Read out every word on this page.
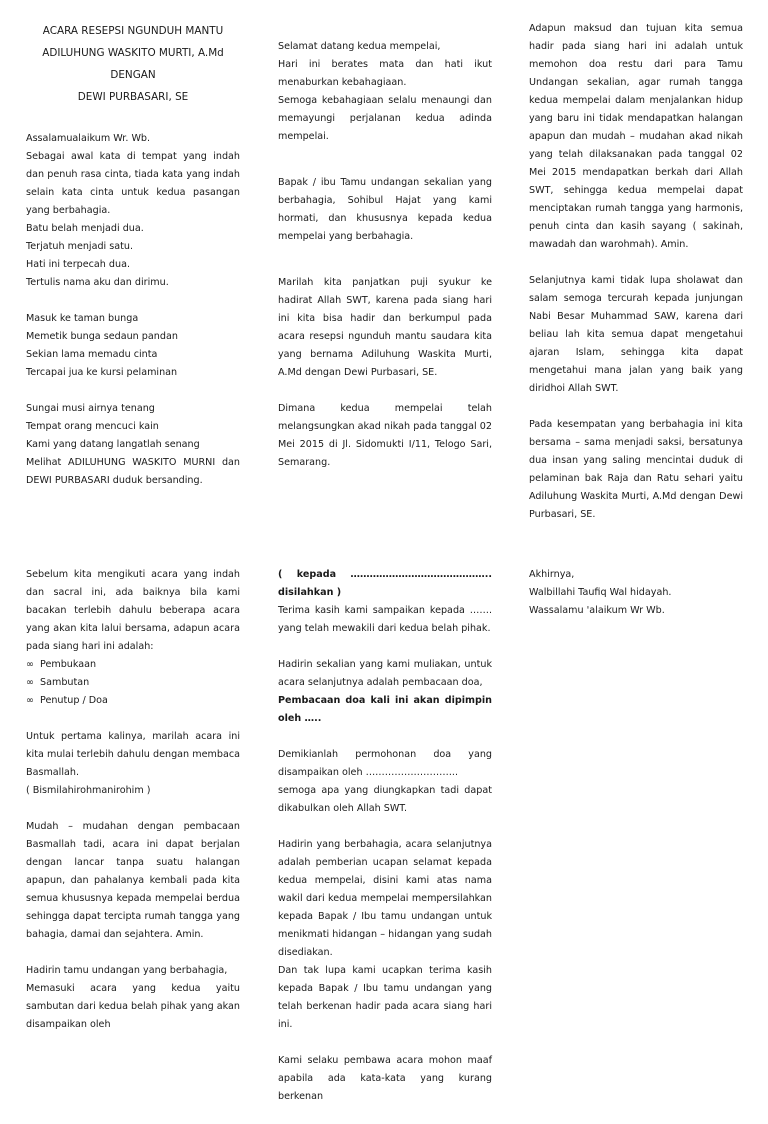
ACARA RESEPSI NGUNDUH MANTU
ADILUHUNG WASKITO MURTI, A.Md
DENGAN
DEWI PURBASARI, SE

Assalamualaikum Wr. Wb.
Sebagai awal kata di tempat yang indah dan penuh rasa cinta, tiada kata yang indah selain kata cinta untuk kedua pasangan yang berbahagia.
Batu belah menjadi dua.
Terjatuh menjadi satu.
Hati ini terpecah dua.
Tertulis nama aku dan dirimu.

Masuk ke taman bunga
Memetik bunga sedaun pandan
Sekian lama memadu cinta
Tercapai jua ke kursi pelaminan

Sungai musi airnya tenang
Tempat orang mencuci kain
Kami yang datang langatlah senang
Melihat ADILUHUNG WASKITO MURNI dan DEWI PURBASARI duduk bersanding.

Selamat datang kedua mempelai,
Hari ini berates mata dan hati ikut menaburkan kebahagiaan.
Semoga kebahagiaan selalu menaungi dan memayungi perjalanan kedua adinda mempelai.

Bapak / ibu Tamu undangan sekalian yang berbahagia, Sohibul Hajat yang kami hormati, dan khususnya kepada kedua mempelai yang berbahagia.

Marilah kita panjatkan puji syukur ke hadirat Allah SWT, karena pada siang hari ini kita bisa hadir dan berkumpul pada acara resepsi ngunduh mantu saudara kita yang bernama Adiluhung Waskita Murti, A.Md dengan Dewi Purbasari, SE.

Dimana kedua mempelai telah melangsungkan akad nikah pada tanggal 02 Mei 2015 di Jl. Sidomukti I/11, Telogo Sari, Semarang.

Adapun maksud dan tujuan kita semua hadir pada siang hari ini adalah untuk memohon doa restu dari para Tamu Undangan sekalian, agar rumah tangga kedua mempelai dalam menjalankan hidup yang baru ini tidak mendapatkan halangan apapun dan mudah – mudahan akad nikah yang telah dilaksanakan pada tanggal 02 Mei 2015 mendapatkan berkah dari Allah SWT, sehingga kedua mempelai dapat menciptakan rumah tangga yang harmonis, penuh cinta dan kasih sayang ( sakinah, mawadah dan warohmah). Amin.

Selanjutnya kami tidak lupa sholawat dan salam semoga tercurah kepada junjungan Nabi Besar Muhammad SAW, karena dari beliau lah kita semua dapat mengetahui ajaran Islam, sehingga kita dapat mengetahui mana jalan yang baik yang diridhoi Allah SWT.

Pada kesempatan yang berbahagia ini kita bersama – sama menjadi saksi, bersatunya dua insan yang saling mencintai duduk di pelaminan bak Raja dan Ratu sehari yaitu Adiluhung Waskita Murti, A.Md dengan Dewi Purbasari, SE.

Sebelum kita mengikuti acara yang indah dan sacral ini, ada baiknya bila kami bacakan terlebih dahulu beberapa acara yang akan kita lalui bersama, adapun acara pada siang hari ini adalah:

∞ Pembukaan
∞ Sambutan
∞ Penutup / Doa

Untuk pertama kalinya, marilah acara ini kita mulai terlebih dahulu dengan membaca Basmallah.
( Bismilahirohmanirohim )

Mudah – mudahan dengan pembacaan Basmallah tadi, acara ini dapat berjalan dengan lancar tanpa suatu halangan apapun, dan pahalanya kembali pada kita semua khususnya kepada mempelai berdua sehingga dapat tercipta rumah tangga yang bahagia, damai dan sejahtera. Amin.

Hadirin tamu undangan yang berbahagia,
Memasuki acara yang kedua yaitu sambutan dari kedua belah pihak yang akan disampaikan oleh

( kepada ……………………………………..
disilahkan )

Terima kasih kami sampaikan kepada ……. yang telah mewakili dari kedua belah pihak.

Hadirin sekalian yang kami muliakan, untuk acara selanjutnya adalah pembacaan doa,
Pembacaan doa kali ini akan dipimpin oleh …..

Demikianlah permohonan doa yang disampaikan oleh ………………………..
semoga apa yang diungkapkan tadi dapat dikabulkan oleh Allah SWT.

Hadirin yang berbahagia, acara selanjutnya adalah pemberian ucapan selamat kepada kedua mempelai, disini kami atas nama wakil dari kedua mempelai mempersilahkan kepada Bapak / Ibu tamu undangan untuk menikmati hidangan – hidangan yang sudah disediakan.

Dan tak lupa kami ucapkan terima kasih kepada Bapak / Ibu tamu undangan yang telah berkenan hadir pada acara siang hari ini.

Kami selaku pembawa acara mohon maaf apabila ada kata-kata yang kurang berkenan

Akhirnya,
Walbillahi Taufiq Wal hidayah.
Wassalamu 'alaikum Wr Wb.
